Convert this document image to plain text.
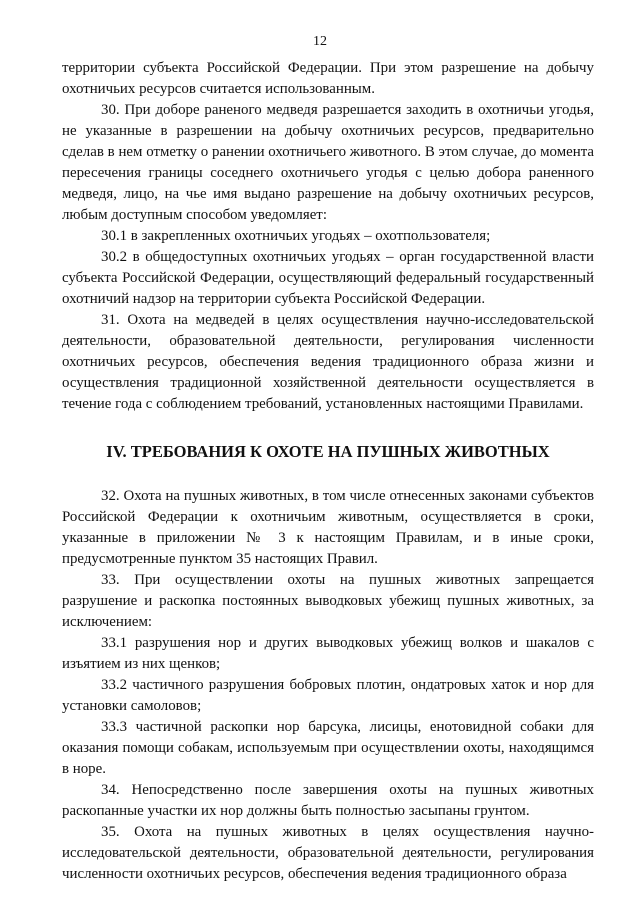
12

территории субъекта Российской Федерации. При этом разрешение на добычу охотничьих ресурсов считается использованным.

30. При доборе раненого медведя разрешается заходить в охотничьи угодья, не указанные в разрешении на добычу охотничьих ресурсов, предварительно сделав в нем отметку о ранении охотничьего животного. В этом случае, до момента пересечения границы соседнего охотничьего угодья с целью добора раненного медведя, лицо, на чье имя выдано разрешение на добычу охотничьих ресурсов, любым доступным способом уведомляет:

30.1 в закрепленных охотничьих угодьях – охотпользователя;

30.2 в общедоступных охотничьих угодьях – орган государственной власти субъекта Российской Федерации, осуществляющий федеральный государственный охотничий надзор на территории субъекта Российской Федерации.

31. Охота на медведей в целях осуществления научно-исследовательской деятельности, образовательной деятельности, регулирования численности охотничьих ресурсов, обеспечения ведения традиционного образа жизни и осуществления традиционной хозяйственной деятельности осуществляется в течение года с соблюдением требований, установленных настоящими Правилами.

IV. ТРЕБОВАНИЯ К ОХОТЕ НА ПУШНЫХ ЖИВОТНЫХ

32. Охота на пушных животных, в том числе отнесенных законами субъектов Российской Федерации к охотничьим животным, осуществляется в сроки, указанные в приложении № 3 к настоящим Правилам, и в иные сроки, предусмотренные пунктом 35 настоящих Правил.

33. При осуществлении охоты на пушных животных запрещается разрушение и раскопка постоянных выводковых убежищ пушных животных, за исключением:

33.1 разрушения нор и других выводковых убежищ волков и шакалов с изъятием из них щенков;

33.2 частичного разрушения бобровых плотин, ондатровых хаток и нор для установки самоловов;

33.3 частичной раскопки нор барсука, лисицы, енотовидной собаки для оказания помощи собакам, используемым при осуществлении охоты, находящимся в норе.

34. Непосредственно после завершения охоты на пушных животных раскопанные участки их нор должны быть полностью засыпаны грунтом.

35. Охота на пушных животных в целях осуществления научно-исследовательской деятельности, образовательной деятельности, регулирования численности охотничьих ресурсов, обеспечения ведения традиционного образа
